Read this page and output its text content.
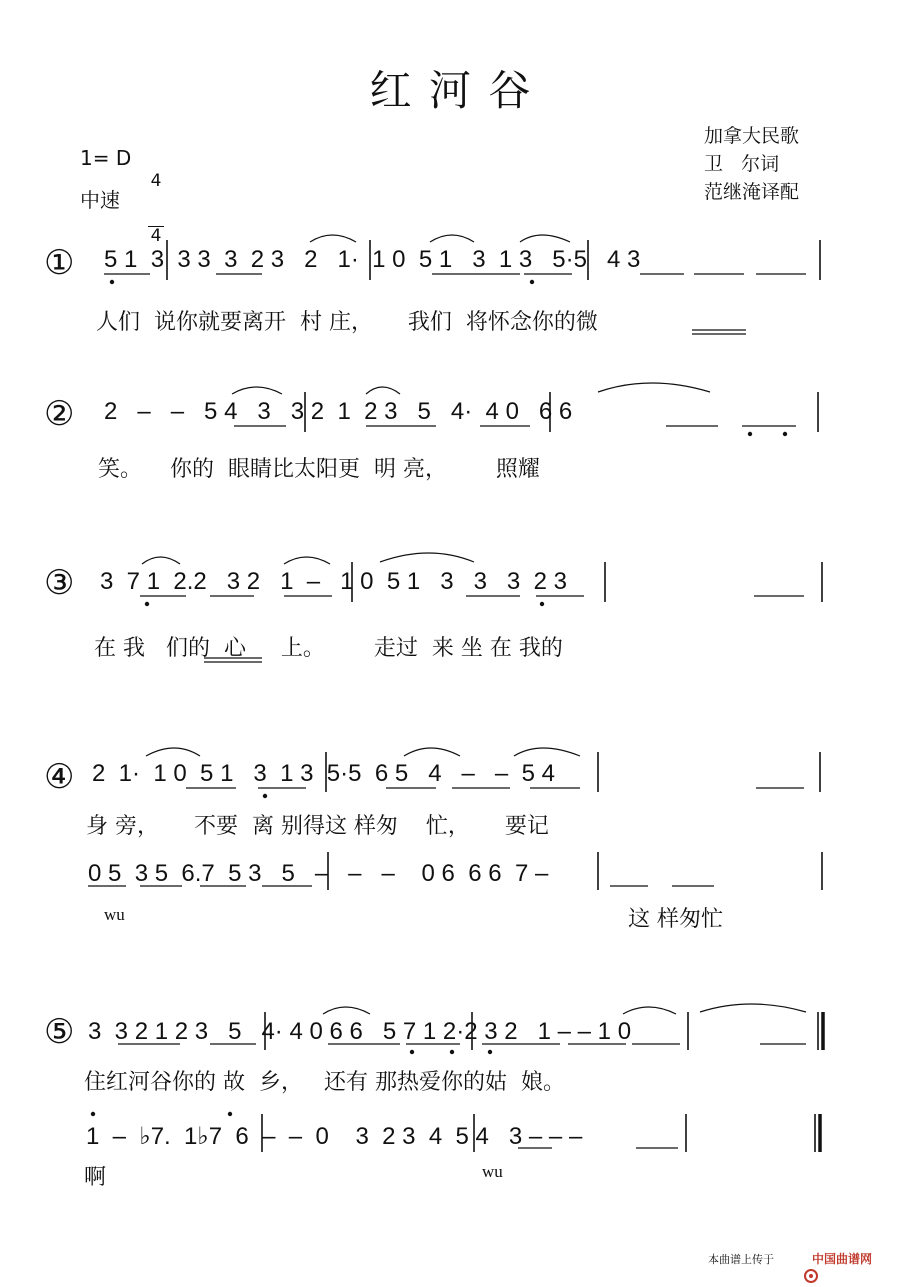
红 河 谷
1= D

$\frac{4}{4}$

中速
加拿大民歌
卫   尔词
范继淹译配
① 5 1  3  3 3  3  2 3   2   1·  1 0  5 1   3  1 3   5·5   4 3
人们  说你就要离开  村 庄，     我们  将怀念你的微
② 2   –   –   5 4   3   3 2  1  2 3   5   4·  4 0   6 6
笑。    你的  眼睛比太阳更  明 亮，       照耀
③ 3  7 1  2.2   3 2   1  –   1 0  5 1   3   3   3  2 3
在 我   们的  心     上。       走过  来 坐 在 我的
④ 2  1·  1 0  5 1   3  1 3  5·5  6 5   4   –   –  5 4
身 旁，     不要  离 别得这 样匆    忙，     要记
0 5  3 5  6.7  5 3   5   –   –   –    0 6  6 6  7 –
wu	这 样匆忙
⑤ 3  3 2 1 2 3   5   4· 4 0 6 6   5 7 1 2·2 3 2   1 – – 1 0
住红河谷你的 故  乡，   还有 那热爱你的姑  娘。
1  –  ♭7.  1♭7  6  –  –  0    3  2 3  4  5 4   3 – – –
啊	wu
本曲谱上传于

	中国曲谱网
